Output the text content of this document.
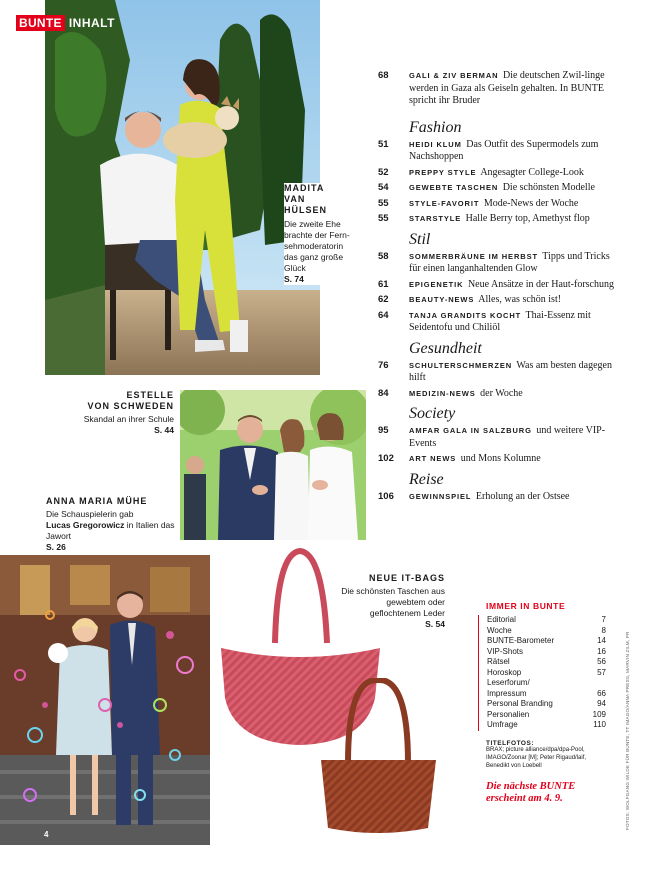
4
BUNTE INHALT
MADITA
VAN HÜLSEN
Die zweite Ehe brachte der Fern-sehmoderatorin das ganz große Glück
S. 74
ESTELLE
VON SCHWEDEN
Skandal an ihrer Schule
S. 44
ANNA MARIA MÜHE
Die Schauspielerin gab
Lucas Gregorowicz in Italien das Jawort
S. 26
NEUE IT-BAGS
Die schönsten Taschen aus gewebtem oder geflochtenem Leder
S. 54
68	GALI & ZIV BERMAN Die deutschen Zwil-linge werden in Gaza als Geiseln gehalten. In BUNTE spricht ihr Bruder
Fashion
51	HEIDI KLUM Das Outfit des Supermodels zum Nachshoppen
52	PREPPY STYLE Angesagter College-Look
54	GEWEBTE TASCHEN Die schönsten Modelle
55	STYLE-FAVORIT Mode-News der Woche
55	STARSTYLE Halle Berry top, Amethyst flop
Stil
58	SOMMERBRÄUNE IM HERBST Tipps und Tricks für einen langanhaltenden Glow
61	EPIGENETIK Neue Ansätze in der Haut-forschung
62	BEAUTY-NEWS Alles, was schön ist!
64	TANJA GRANDITS KOCHT Thai-Essenz mit Seidentofu und Chiliöl
Gesundheit
76	SCHULTERSCHMERZEN Was am besten dagegen hilft
84	MEDIZIN-NEWS der Woche
Society
95	AMFAR GALA IN SALZBURG und weitere VIP-Events
102	ART NEWS und Mons Kolumne
Reise
106	GEWINNSPIEL Erholung an der Ostsee
IMMER IN BUNTE
Editorial	7
Woche	8
BUNTE-Barometer	14
VIP-Shots	16
Rätsel	56
Horoskop	57
Leserforum/
Impressum	66
Personal Branding	94
Personalien	109
Umfrage	110
TITELFOTOS:
BRAX; picture alliance/dpa/dpa-Pool, IMAGO/Zoonar [M]; Peter Rigaud/laif, Benedikt von Loebell
Die nächste BUNTE
erscheint am 4. 9.	FOTOS: WOLFGANG WILDE FÜR BUNTE, TT IMAGO/ANNA PRESS, MARVIN ZILM, PR
